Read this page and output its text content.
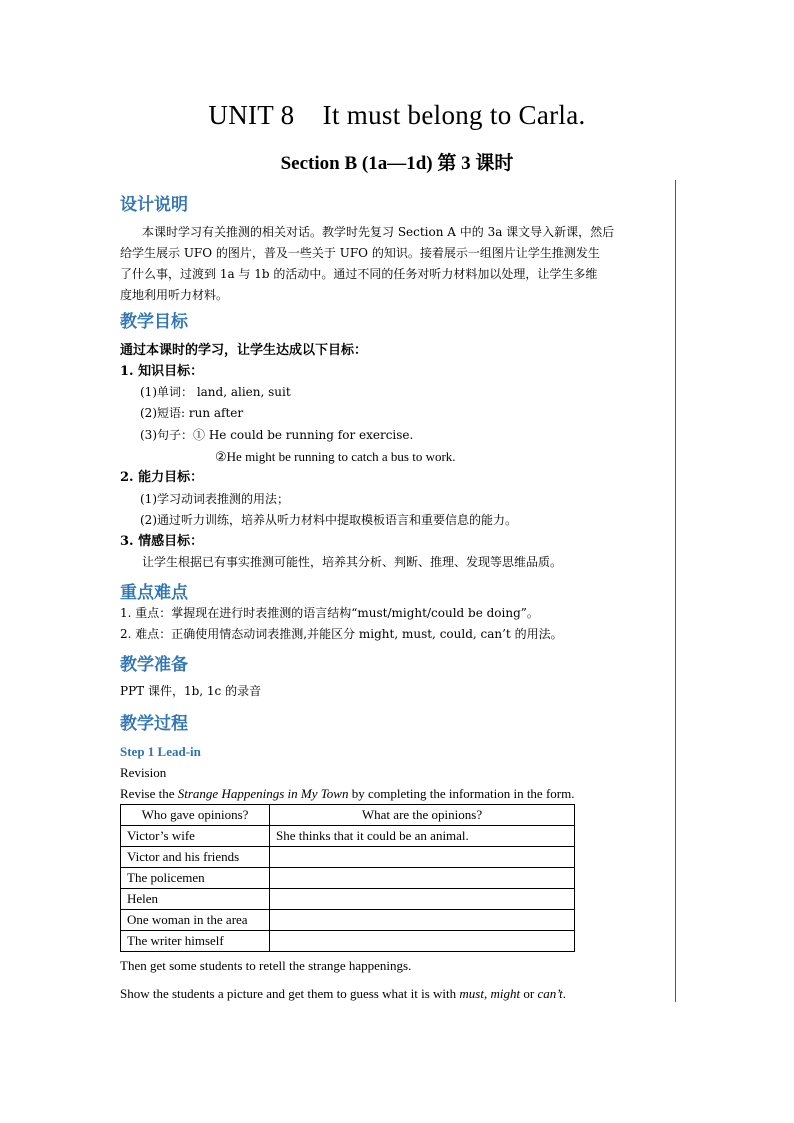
UNIT 8 It must belong to Carla.
Section B (1a—1d) 第 3 课时
设计说明
本课时学习有关推测的相关对话。教学时先复习 Section A 中的 3a 课文导入新课，然后
给学生展示 UFO 的图片，普及一些关于 UFO 的知识。接着展示一组图片让学生推测发生
了什么事，过渡到 1a 与 1b 的活动中。通过不同的任务对听力材料加以处理，让学生多维
度地利用听力材料。
教学目标
通过本课时的学习，让学生达成以下目标：
1. 知识目标：
(1)单词： land, alien, suit
(2)短语: run after
(3)句子：① He could be running for exercise.
②He might be running to catch a bus to work.
2. 能力目标：
(1)学习动词表推测的用法；
(2)通过听力训练，培养从听力材料中提取模板语言和重要信息的能力。
3. 情感目标：
让学生根据已有事实推测可能性，培养其分析、判断、推理、发现等思维品质。
重点难点
1. 重点：掌握现在进行时表推测的语言结构“must/might/could be doing”。
2. 难点：正确使用情态动词表推测,并能区分 might, must, could, can’t 的用法。
教学准备
PPT 课件，1b, 1c 的录音
教学过程
Step 1 Lead-in
Revision
Revise the Strange Happenings in My Town by completing the information in the form.
Who gave opinions?	What are the opinions?
Victor’s wife	She thinks that it could be an animal.
Victor and his friends	
The policemen	
Helen	
One woman in the area	
The writer himself	
Then get some students to retell the strange happenings.
Show the students a picture and get them to guess what it is with must, might or can’t.
